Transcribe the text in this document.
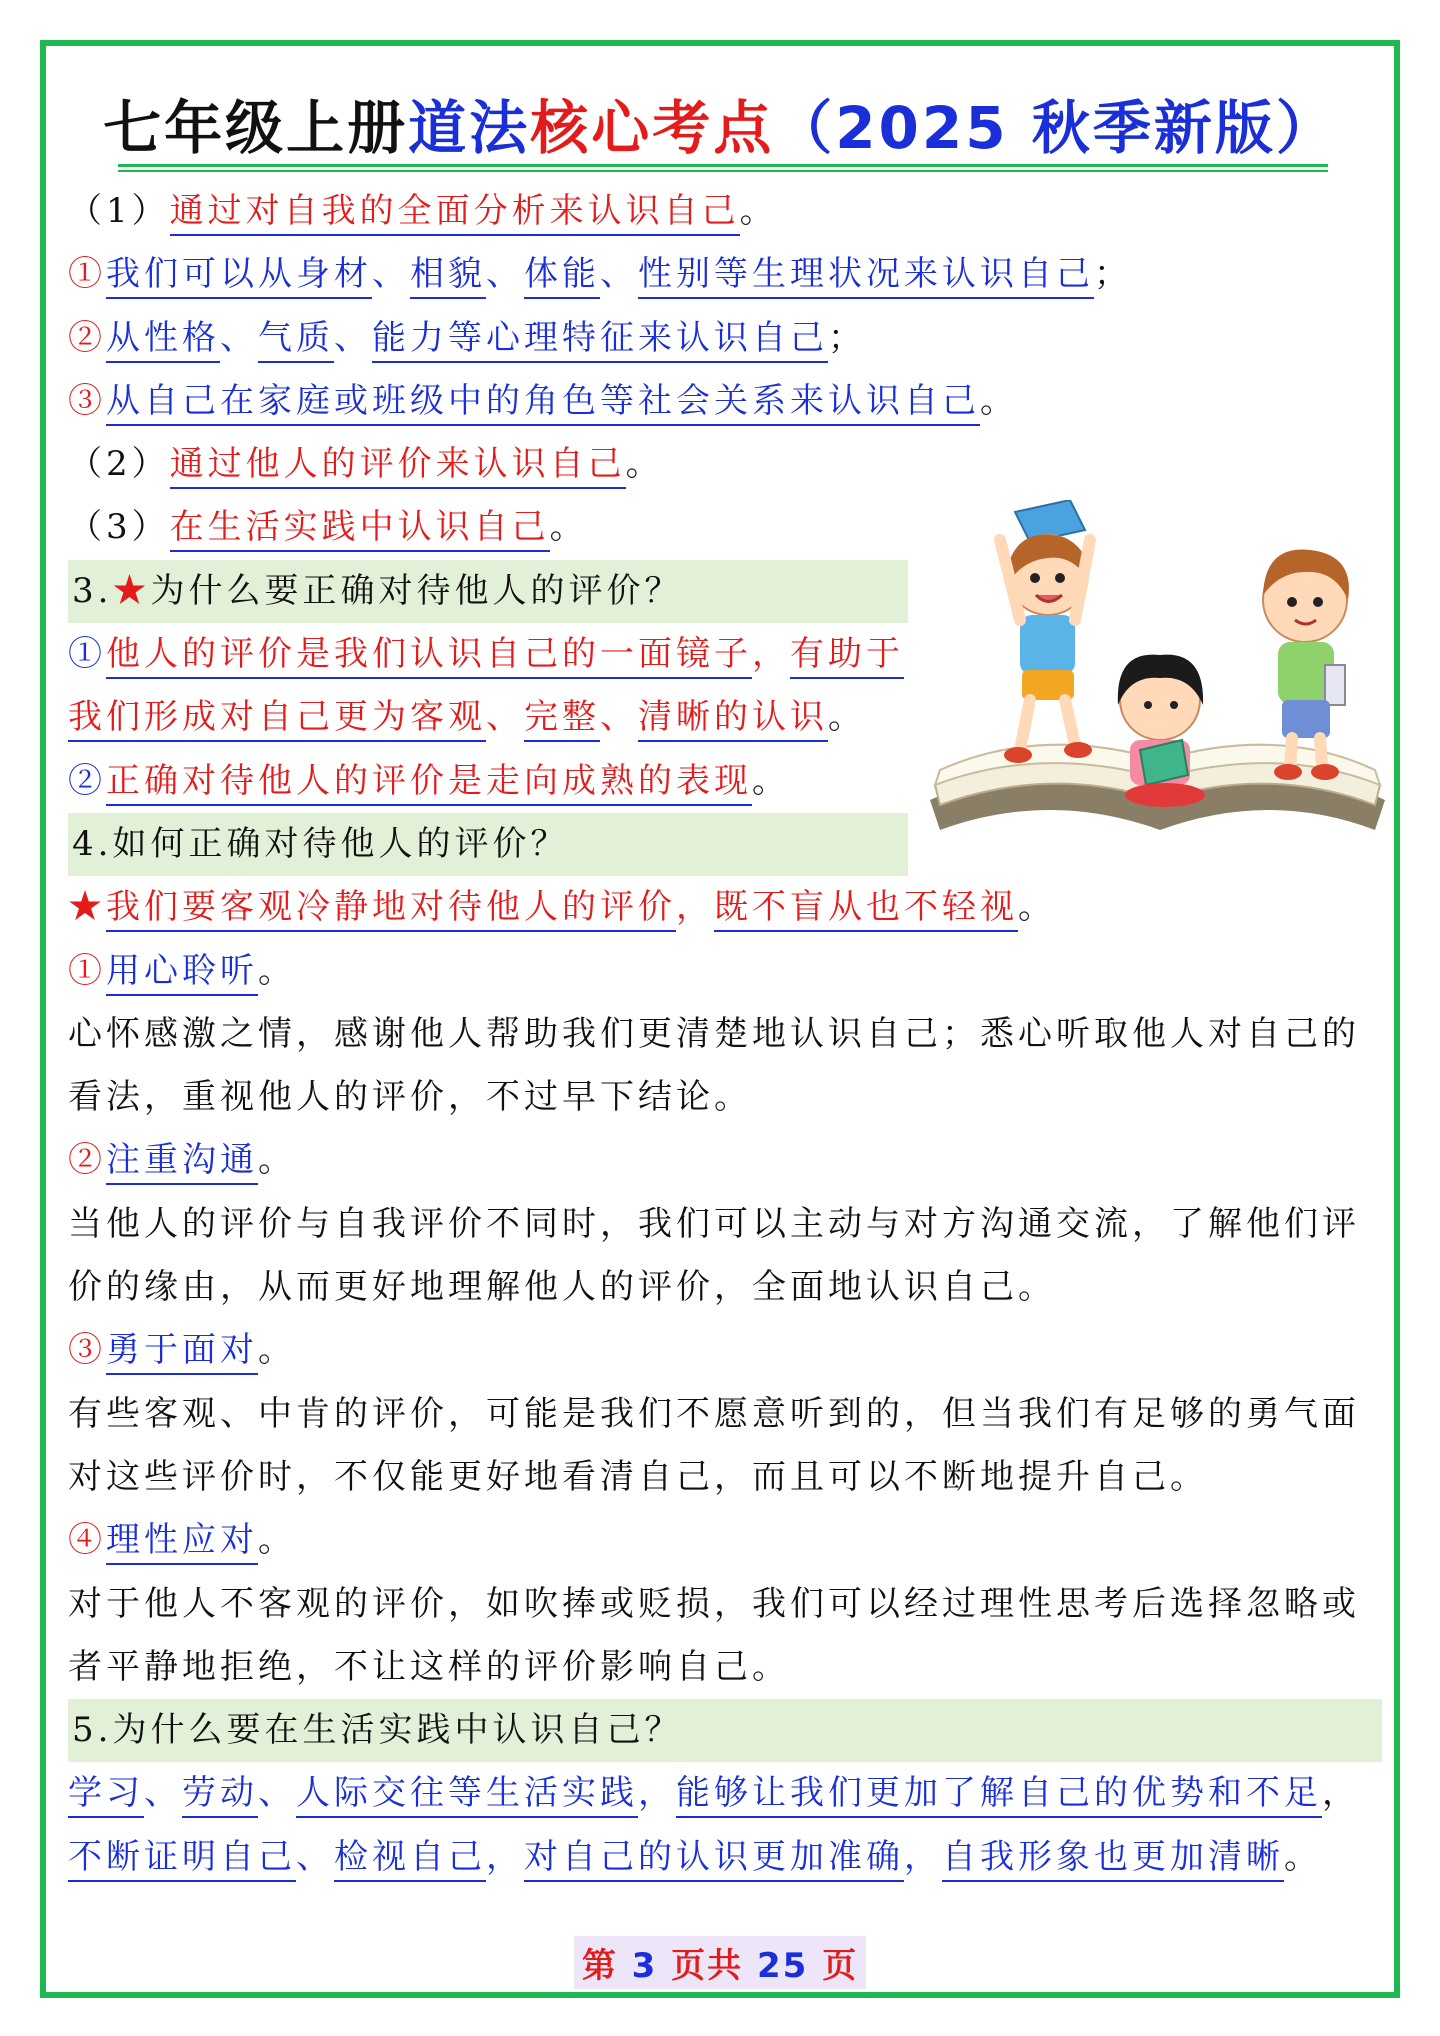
七年级上册道法核心考点（2025 秋季新版）
（1）通过对自我的全面分析来认识自己。
①我们可以从身材、相貌、体能、性别等生理状况来认识自己；
②从性格、气质、能力等心理特征来认识自己；
③从自己在家庭或班级中的角色等社会关系来认识自己。
（2）通过他人的评价来认识自己。
（3）在生活实践中认识自己。
3.★为什么要正确对待他人的评价？
①他人的评价是我们认识自己的一面镜子，有助于
我们形成对自己更为客观、完整、清晰的认识。
②正确对待他人的评价是走向成熟的表现。
4.如何正确对待他人的评价？
★我们要客观冷静地对待他人的评价，既不盲从也不轻视。
①用心聆听。
心怀感激之情，感谢他人帮助我们更清楚地认识自己；悉心听取他人对自己的
看法，重视他人的评价，不过早下结论。
②注重沟通。
当他人的评价与自我评价不同时，我们可以主动与对方沟通交流，了解他们评
价的缘由，从而更好地理解他人的评价，全面地认识自己。
③勇于面对。
有些客观、中肯的评价，可能是我们不愿意听到的，但当我们有足够的勇气面
对这些评价时，不仅能更好地看清自己，而且可以不断地提升自己。
④理性应对。
对于他人不客观的评价，如吹捧或贬损，我们可以经过理性思考后选择忽略或
者平静地拒绝，不让这样的评价影响自己。
5.为什么要在生活实践中认识自己？
学习、劳动、人际交往等生活实践，能够让我们更加了解自己的优势和不足，
不断证明自己、检视自己，对自己的认识更加准确，自我形象也更加清晰。
第 3 页共 25 页
